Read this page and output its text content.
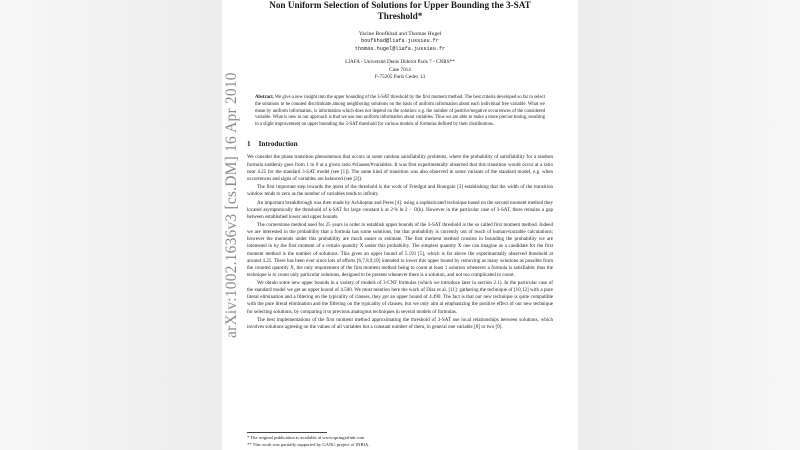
arXiv:1002.1636v3 [cs.DM] 16 Apr 2010
Non Uniform Selection of Solutions for Upper Bounding the 3-SAT
Threshold*
Yacine Boufkhad and Thomas Hugel
boufkhad@liafa.jussieu.fr
thomas.hugel@liafa.jussieu.fr
LIAFA - Université Denis Diderot Paris 7 - CNRS**
Case 7014
F-75205 Paris Cedex 13
Abstract. We give a new insight into the upper bounding of the 3-SAT threshold by the first moment method. The best criteria developed so far to select the solutions to be counted discriminate among neighboring solutions on the basis of uniform information about each individual free variable. What we mean by uniform information, is information which does not depend on the solution: e.g. the number of positive/negative occurrences of the considered variable. What is new in our approach is that we use non uniform information about variables. Thus we are able to make a more precise tuning, resulting in a slight improvement on upper bounding the 3-SAT threshold for various models of formulas defined by their distributions.
1 Introduction

We consider the phase transition phenomenon that occurs in some random satisfiability problems, where the probability of satisfiability for a random formula suddenly goes from 1 to 0 at a given ratio #clauses/#variables. It was first experimentally observed that this transition would occur at a ratio near 4.25 for the standard 3-SAT model (see [1]). The same kind of transition was also observed in some variants of the standard model, e.g. when occurrences and signs of variables are balanced (see [2]).

The first important step towards the quest of the threshold is the work of Friedgut and Bourgain [3] establishing that the width of the transition window tends to zero as the number of variables tends to infinity.

An important breakthrough was then made by Achlioptas and Peres [4]: using a sophisticated technique based on the second moment method they located asymptotically the threshold of k-SAT for large constant k at 2^k ln 2 − O(k). However in the particular case of 3-SAT, there remains a gap between established lower and upper bounds.

The cornerstone method used for 25 years in order to establish upper bounds of the 3-SAT threshold is the so called first moment method. Indeed we are interested in the probability that a formula has some solutions, but that probability is currently out of reach of human-tractable calculations; however the moments under this probability are much easier to estimate. The first moment method consists in bounding the probability we are interested in by the first moment of a certain quantity X under this probability. The simplest quantity X one can imagine as a candidate for the first moment method is the number of solutions. This gives an upper bound of 5.191 [5], which is far above the experimentally observed threshold at around 4.25. There has been ever since lots of efforts [6,7,8,9,10] intended to lower this upper bound by removing as many solutions as possible from the counted quantity X, the only requirement of the first moment method being to count at least 1 solution whenever a formula is satisfiable; thus the technique is to count only particular solutions, designed to be present whenever there is a solution, and not too complicated to count.

We obtain some new upper bounds in a variety of models of 3-CNF formulas (which we introduce later in section 2.1). In the particular case of the standard model we get an upper bound of 4.500. We must mention here the work of Díaz et al. [11]: gathering the technique of [10,12] with a pure literal elimination and a filtering on the typicality of clauses, they got an upper bound of 4.490. The fact is that our new technique is quite compatible with the pure literal elimination and the filtering on the typicality of clauses, but we only aim at emphasizing the positive effect of our new technique for selecting solutions, by comparing it to previous analogous techniques in several models of formulas.

The best implementations of the first moment method approximating the threshold of 3-SAT use local relationships between solutions, which involves solutions agreeing on the values of all variables but a constant number of them, in general one variable [8] or two [9].

* The original publication is available at www.springerlink.com
** This work was partially supported by GANG project of INRIA.
